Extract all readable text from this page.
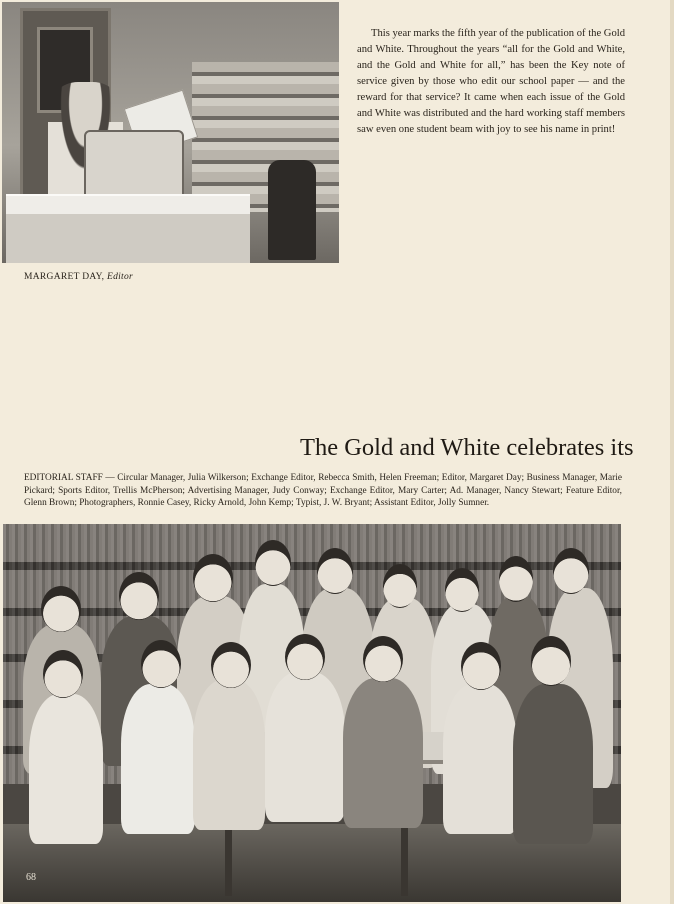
This year marks the fifth year of the publication of the Gold and White. Throughout the years “all for the Gold and White, and the Gold and White for all,” has been the Key note of service given by those who edit our school paper — and the reward for that service? It came when each issue of the Gold and White was distributed and the hard working staff members saw even one student beam with joy to see his name in print!

MARGARET DAY, Editor

The Gold and White celebrates its

EDITORIAL STAFF — Circular Manager, Julia Wilkerson; Exchange Editor, Rebecca Smith, Helen Freeman; Editor, Margaret Day; Business Manager, Marie Pickard; Sports Editor, Trellis McPherson; Advertising Manager, Judy Conway; Exchange Editor, Mary Carter; Ad. Manager, Nancy Stewart; Feature Editor, Glenn Brown; Photographers, Ronnie Casey, Ricky Arnold, John Kemp; Typist, J. W. Bryant; Assistant Editor, Jolly Sumner.

68
